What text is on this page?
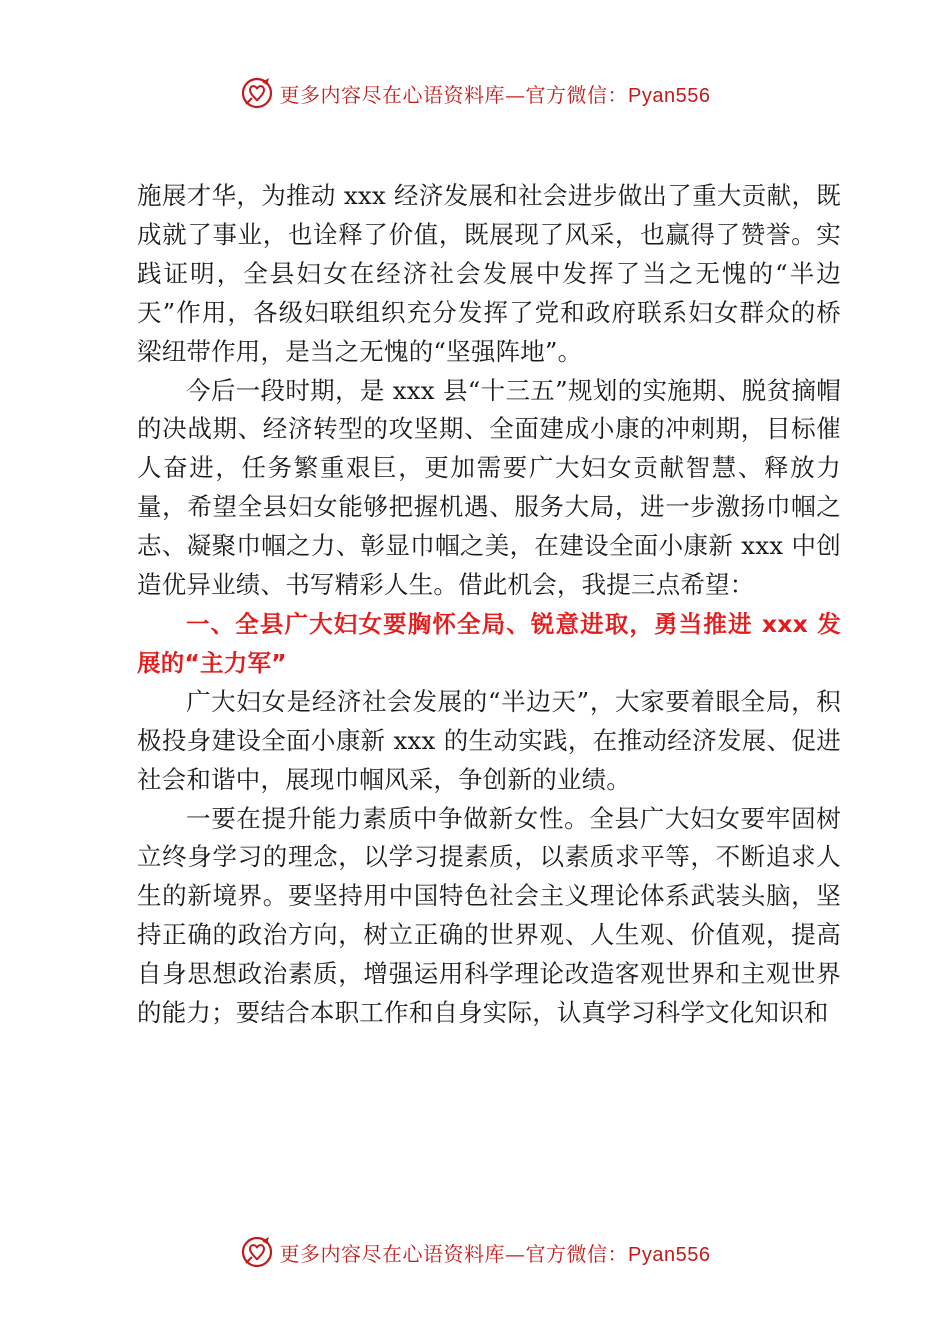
更多内容尽在心语资料库—官方微信：Pyan556

施展才华，为推动 xxx 经济发展和社会进步做出了重大贡献，既成就了事业，也诠释了价值，既展现了风采，也赢得了赞誉。实践证明，全县妇女在经济社会发展中发挥了当之无愧的“半边天”作用，各级妇联组织充分发挥了党和政府联系妇女群众的桥梁纽带作用，是当之无愧的“坚强阵地”。

今后一段时期，是 xxx 县“十三五”规划的实施期、脱贫摘帽的决战期、经济转型的攻坚期、全面建成小康的冲刺期，目标催人奋进，任务繁重艰巨，更加需要广大妇女贡献智慧、释放力量，希望全县妇女能够把握机遇、服务大局，进一步激扬巾帼之志、凝聚巾帼之力、彰显巾帼之美，在建设全面小康新 xxx 中创造优异业绩、书写精彩人生。借此机会，我提三点希望：

一、全县广大妇女要胸怀全局、锐意进取，勇当推进 xxx 发展的“主力军”

广大妇女是经济社会发展的“半边天”，大家要着眼全局，积极投身建设全面小康新 xxx 的生动实践，在推动经济发展、促进社会和谐中，展现巾帼风采，争创新的业绩。

一要在提升能力素质中争做新女性。全县广大妇女要牢固树立终身学习的理念，以学习提素质，以素质求平等，不断追求人生的新境界。要坚持用中国特色社会主义理论体系武装头脑，坚持正确的政治方向，树立正确的世界观、人生观、价值观，提高自身思想政治素质，增强运用科学理论改造客观世界和主观世界的能力；要结合本职工作和自身实际，认真学习科学文化知识和

更多内容尽在心语资料库—官方微信：Pyan556
